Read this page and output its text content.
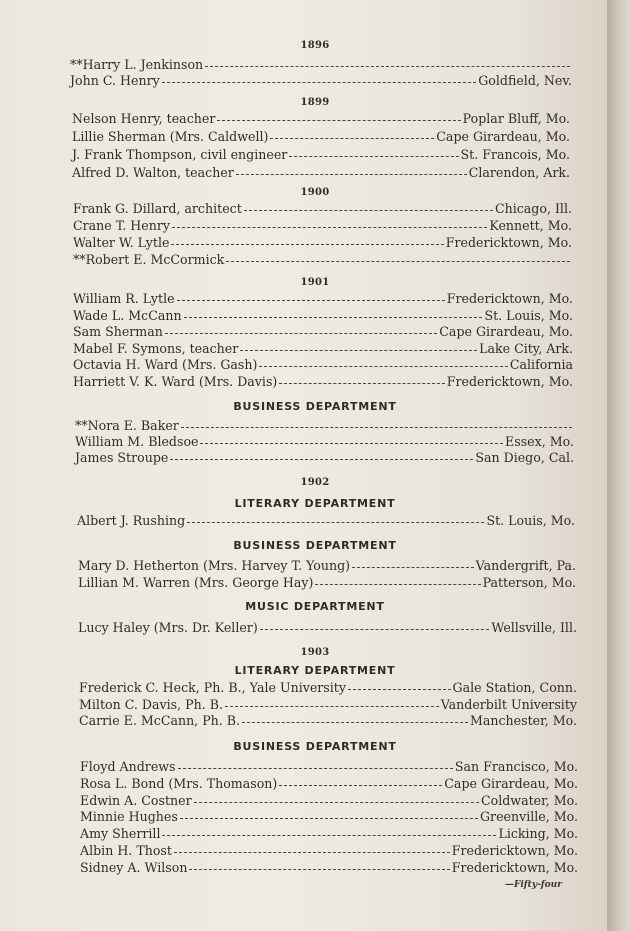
1896
**Harry L. Jenkinson
John C. Henry	Goldfield, Nev.
1899
Nelson Henry, teacher	Poplar Bluff, Mo.
Lillie Sherman (Mrs. Caldwell)	Cape Girardeau, Mo.
J. Frank Thompson, civil engineer	St. Francois, Mo.
Alfred D. Walton, teacher	Clarendon, Ark.
1900
Frank G. Dillard, architect	Chicago, Ill.
Crane T. Henry	Kennett, Mo.
Walter W. Lytle	Fredericktown, Mo.
**Robert E. McCormick
1901
William R. Lytle	Fredericktown, Mo.
Wade L. McCann	St. Louis, Mo.
Sam Sherman	Cape Girardeau, Mo.
Mabel F. Symons, teacher	Lake City, Ark.
Octavia H. Ward (Mrs. Gash)	California
Harriett V. K. Ward (Mrs. Davis)	Fredericktown, Mo.
BUSINESS DEPARTMENT
**Nora E. Baker
William M. Bledsoe	Essex, Mo.
James Stroupe	San Diego, Cal.
1902
LITERARY DEPARTMENT
Albert J. Rushing	St. Louis, Mo.
BUSINESS DEPARTMENT
Mary D. Hetherton (Mrs. Harvey T. Young)	Vandergrift, Pa.
Lillian M. Warren (Mrs. George Hay)	Patterson, Mo.
MUSIC DEPARTMENT
Lucy Haley (Mrs. Dr. Keller)	Wellsville, Ill.
1903
LITERARY DEPARTMENT
Frederick C. Heck, Ph. B., Yale University	Gale Station, Conn.
Milton C. Davis, Ph. B.	Vanderbilt University
Carrie E. McCann, Ph. B.	Manchester, Mo.
BUSINESS DEPARTMENT
Floyd Andrews	San Francisco, Mo.
Rosa L. Bond (Mrs. Thomason)	Cape Girardeau, Mo.
Edwin A. Costner	Coldwater, Mo.
Minnie Hughes	Greenville, Mo.
Amy Sherrill	Licking, Mo.
Albin H. Thost	Fredericktown, Mo.
Sidney A. Wilson	Fredericktown, Mo.
—Fifty-four
